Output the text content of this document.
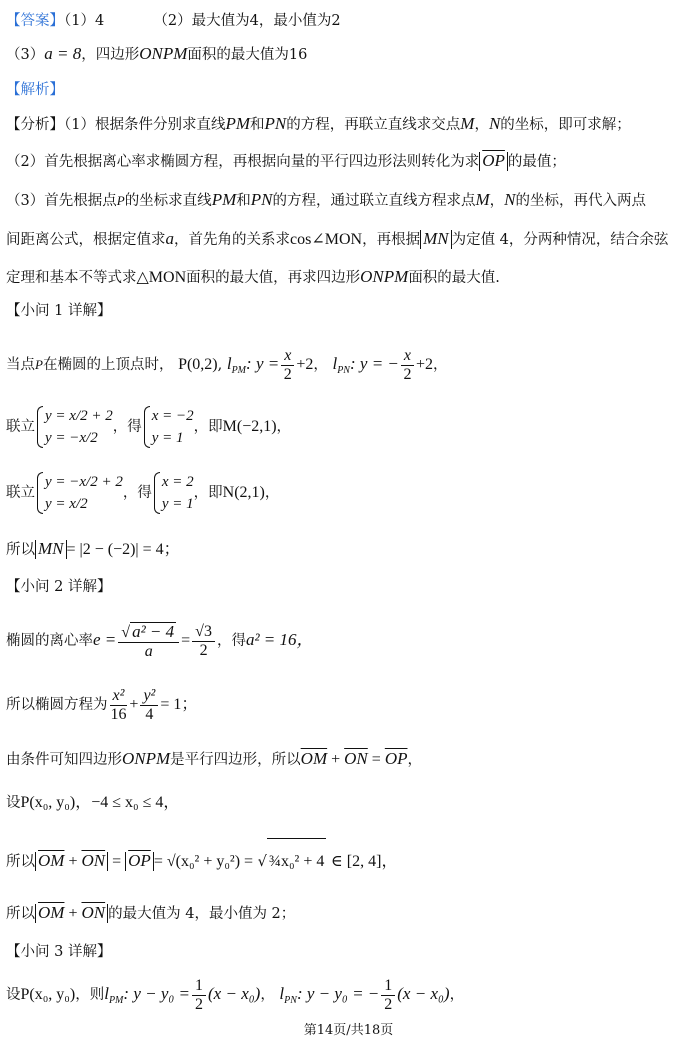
【答案】（1）4	（2）最大值为4，最小值为2
（3）a = 8，四边形ONPM面积的最大值为16
【解析】
【分析】（1）根据条件分别求直线PM和PN的方程，再联立直线求交点M，N的坐标，即可求解；
（2）首先根据离心率求椭圆方程，再根据向量的平行四边形法则转化为求 $\overline{OP}$ 的最值；
（3）首先根据点P的坐标求直线PM和PN的方程，通过联立直线方程求点M，N的坐标，再代入两点
间距离公式，根据定值求a，首先角的关系求cos∠MON，再根据 MN 为定值 4，分两种情况，结合余弦
定理和基本不等式求△MON面积的最大值，再求四边形ONPM面积的最大值.
【小问 1 详解】
当点P在椭圆的上顶点时， P(0,2), $l_{PM}$: $y = \frac{x}{2} +2$， $l_{PN}$: y = − $\frac{x}{2} +2$，
联立
y = x/2 + 2
y = −x/2
，得
x = −2
y = 1
，即M(−2,1)，
联立
y = −x/2 + 2
y = x/2
，得
x = 2
y = 1
，即N(2,1)，
所以 MN = |2 − (−2)| = 4；
【小问 2 详解】
椭圆的离心率$e = \frac{\text{√ a² − 4}}{a} = \frac{√3}{2}$ ，得a² = 16，
所以椭圆方程为 $\frac{\text{x²}}{16} + \frac{\text{y²}}{4} = 1$；
由条件可知四边形ONPM是平行四边形，所以$\overline{OM} + \overline{ON} = \overline{OP}$，
设P(x₀, y₀)，−4 ≤ x₀ ≤ 4，
所以 $\overline{OM} + \overline{ON} = \overline{OP} = √(x_0^2 + y_0^2)$ = √ ¾x₀² + 4 ∈ [2, 4]，
所以 $\overline{OM} + \overline{ON}$ 的最大值为 4，最小值为 2；
【小问 3 详解】
设P(x₀, y₀)，则$l_{PM}$: $y - y_0 = \frac{1}{2} (x - x_0)$， $l_{PN}$: y − y₀ = − $\frac{1}{2} (x - x_0)$，
第14页/共18页
